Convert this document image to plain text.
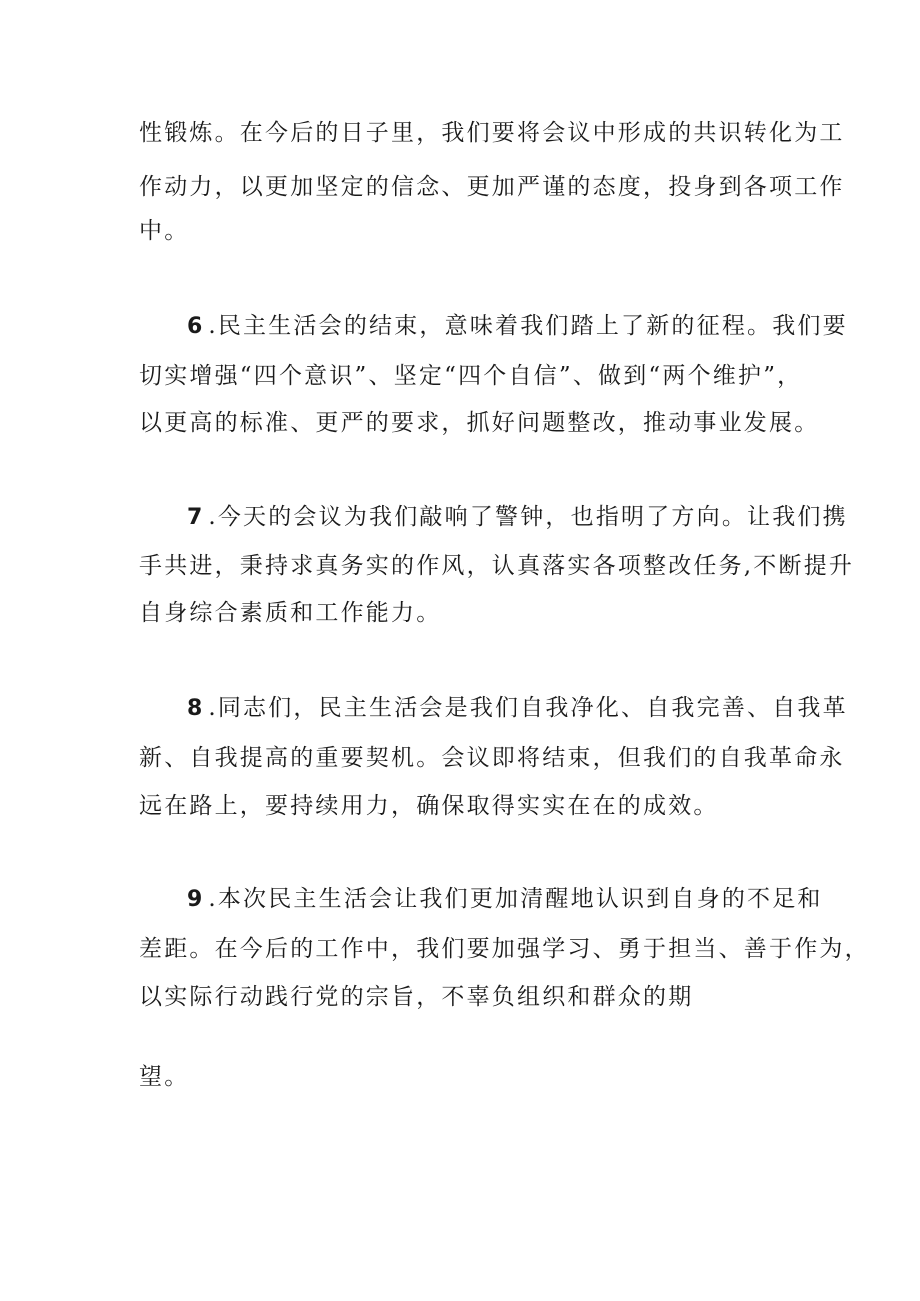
性锻炼。在今后的日子里，我们要将会议中形成的共识转化为工
作动力，以更加坚定的信念、更加严谨的态度，投身到各项工作
中。
6 .民主生活会的结束，意味着我们踏上了新的征程。我们要
切实增强“四个意识”、坚定“四个自信”、做到“两个维护”，
以更高的标准、更严的要求，抓好问题整改，推动事业发展。
7 .今天的会议为我们敲响了警钟，也指明了方向。让我们携
手共进，秉持求真务实的作风，认真落实各项整改任务,不断提升
自身综合素质和工作能力。
8 .同志们，民主生活会是我们自我净化、自我完善、自我革
新、自我提高的重要契机。会议即将结束，但我们的自我革命永
远在路上，要持续用力，确保取得实实在在的成效。
9 .本次民主生活会让我们更加清醒地认识到自身的不足和
差距。在今后的工作中，我们要加强学习、勇于担当、善于作为，
以实际行动践行党的宗旨，不辜负组织和群众的期
望。
